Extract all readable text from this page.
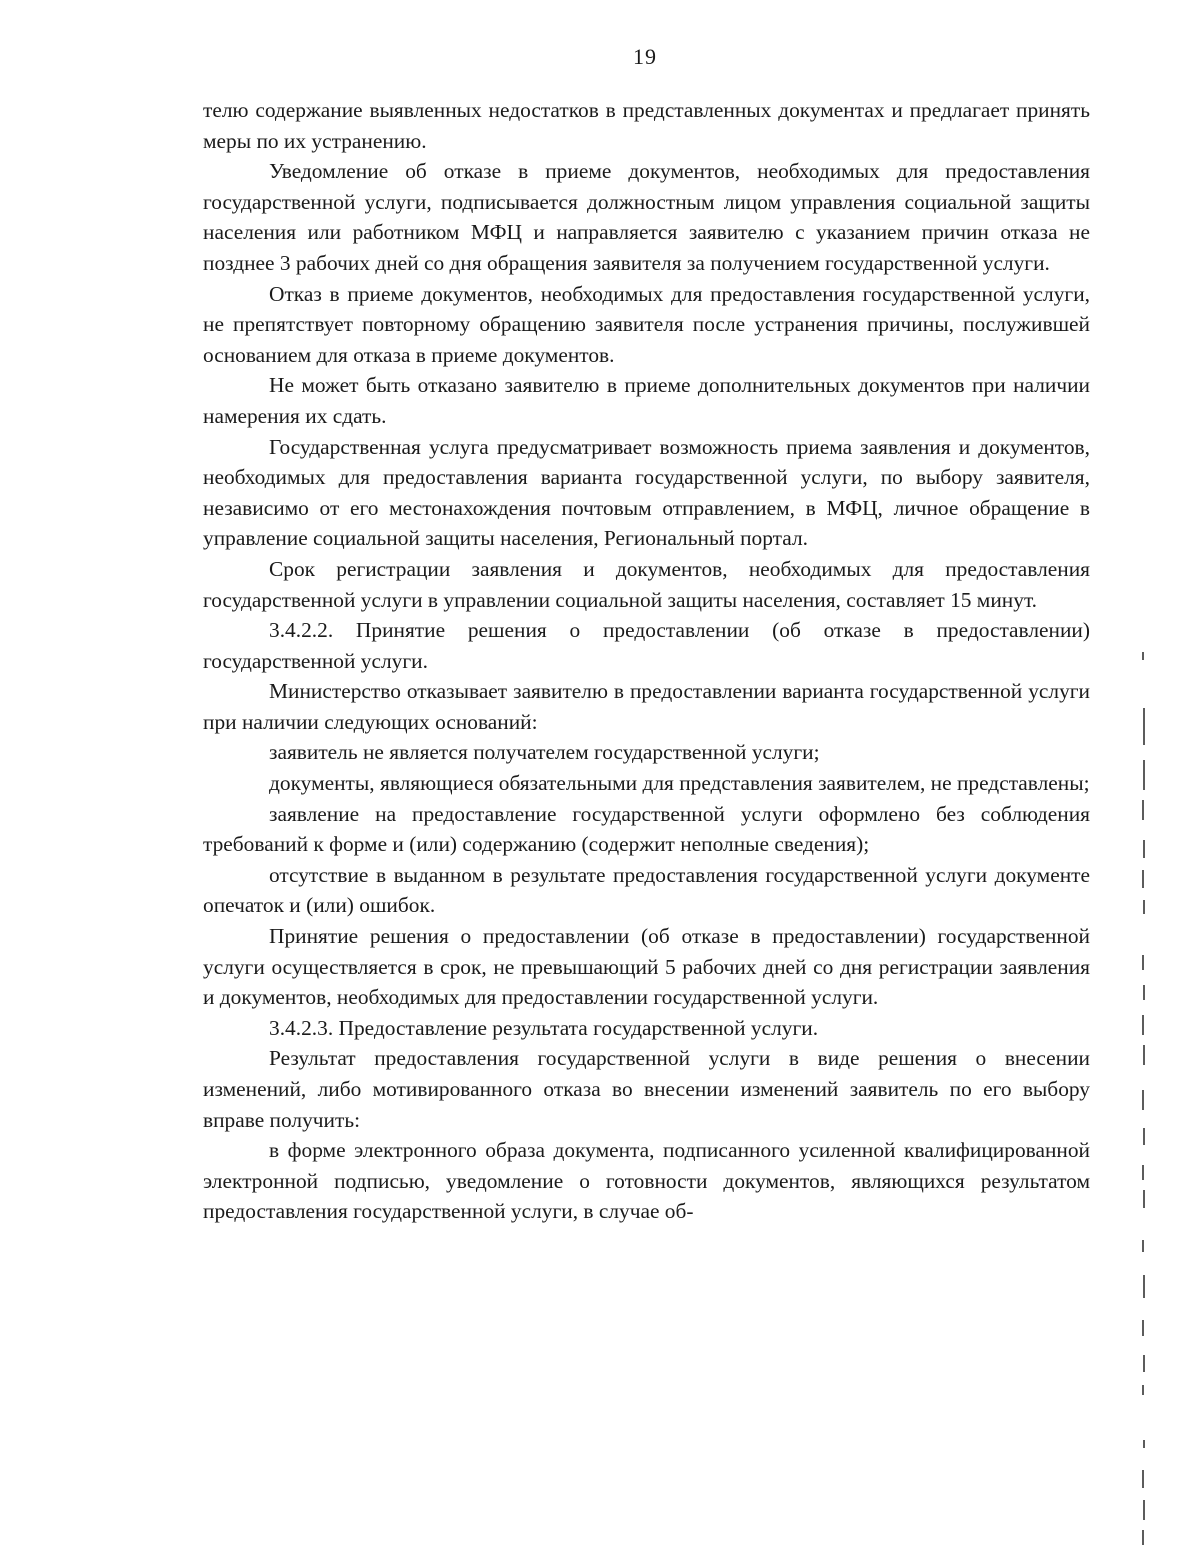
19

телю содержание выявленных недостатков в представленных документах и предлагает принять меры по их устранению.

Уведомление об отказе в приеме документов, необходимых для предоставления государственной услуги, подписывается должностным лицом управления социальной защиты населения или работником МФЦ и направляется заявителю с указанием причин отказа не позднее 3 рабочих дней со дня обращения заявителя за получением государственной услуги.

Отказ в приеме документов, необходимых для предоставления государственной услуги, не препятствует повторному обращению заявителя после устранения причины, послужившей основанием для отказа в приеме документов.

Не может быть отказано заявителю в приеме дополнительных документов при наличии намерения их сдать.

Государственная услуга предусматривает возможность приема заявления и документов, необходимых для предоставления варианта государственной услуги, по выбору заявителя, независимо от его местонахождения почтовым отправлением, в МФЦ, личное обращение в управление социальной защиты населения, Региональный портал.

Срок регистрации заявления и документов, необходимых для предоставления государственной услуги в управлении социальной защиты населения, составляет 15 минут.

3.4.2.2. Принятие решения о предоставлении (об отказе в предоставлении) государственной услуги.

Министерство отказывает заявителю в предоставлении варианта государственной услуги при наличии следующих оснований:

заявитель не является получателем государственной услуги;

документы, являющиеся обязательными для представления заявителем, не представлены;

заявление на предоставление государственной услуги оформлено без соблюдения требований к форме и (или) содержанию (содержит неполные сведения);

отсутствие в выданном в результате предоставления государственной услуги документе опечаток и (или) ошибок.

Принятие решения о предоставлении (об отказе в предоставлении) государственной услуги осуществляется в срок, не превышающий 5 рабочих дней со дня регистрации заявления и документов, необходимых для предоставлении государственной услуги.

3.4.2.3. Предоставление результата государственной услуги.

Результат предоставления государственной услуги в виде решения о внесении изменений, либо мотивированного отказа во внесении изменений заявитель по его выбору вправе получить:

в форме электронного образа документа, подписанного усиленной квалифицированной электронной подписью, уведомление о готовности документов, являющихся результатом предоставления государственной услуги, в случае об-
